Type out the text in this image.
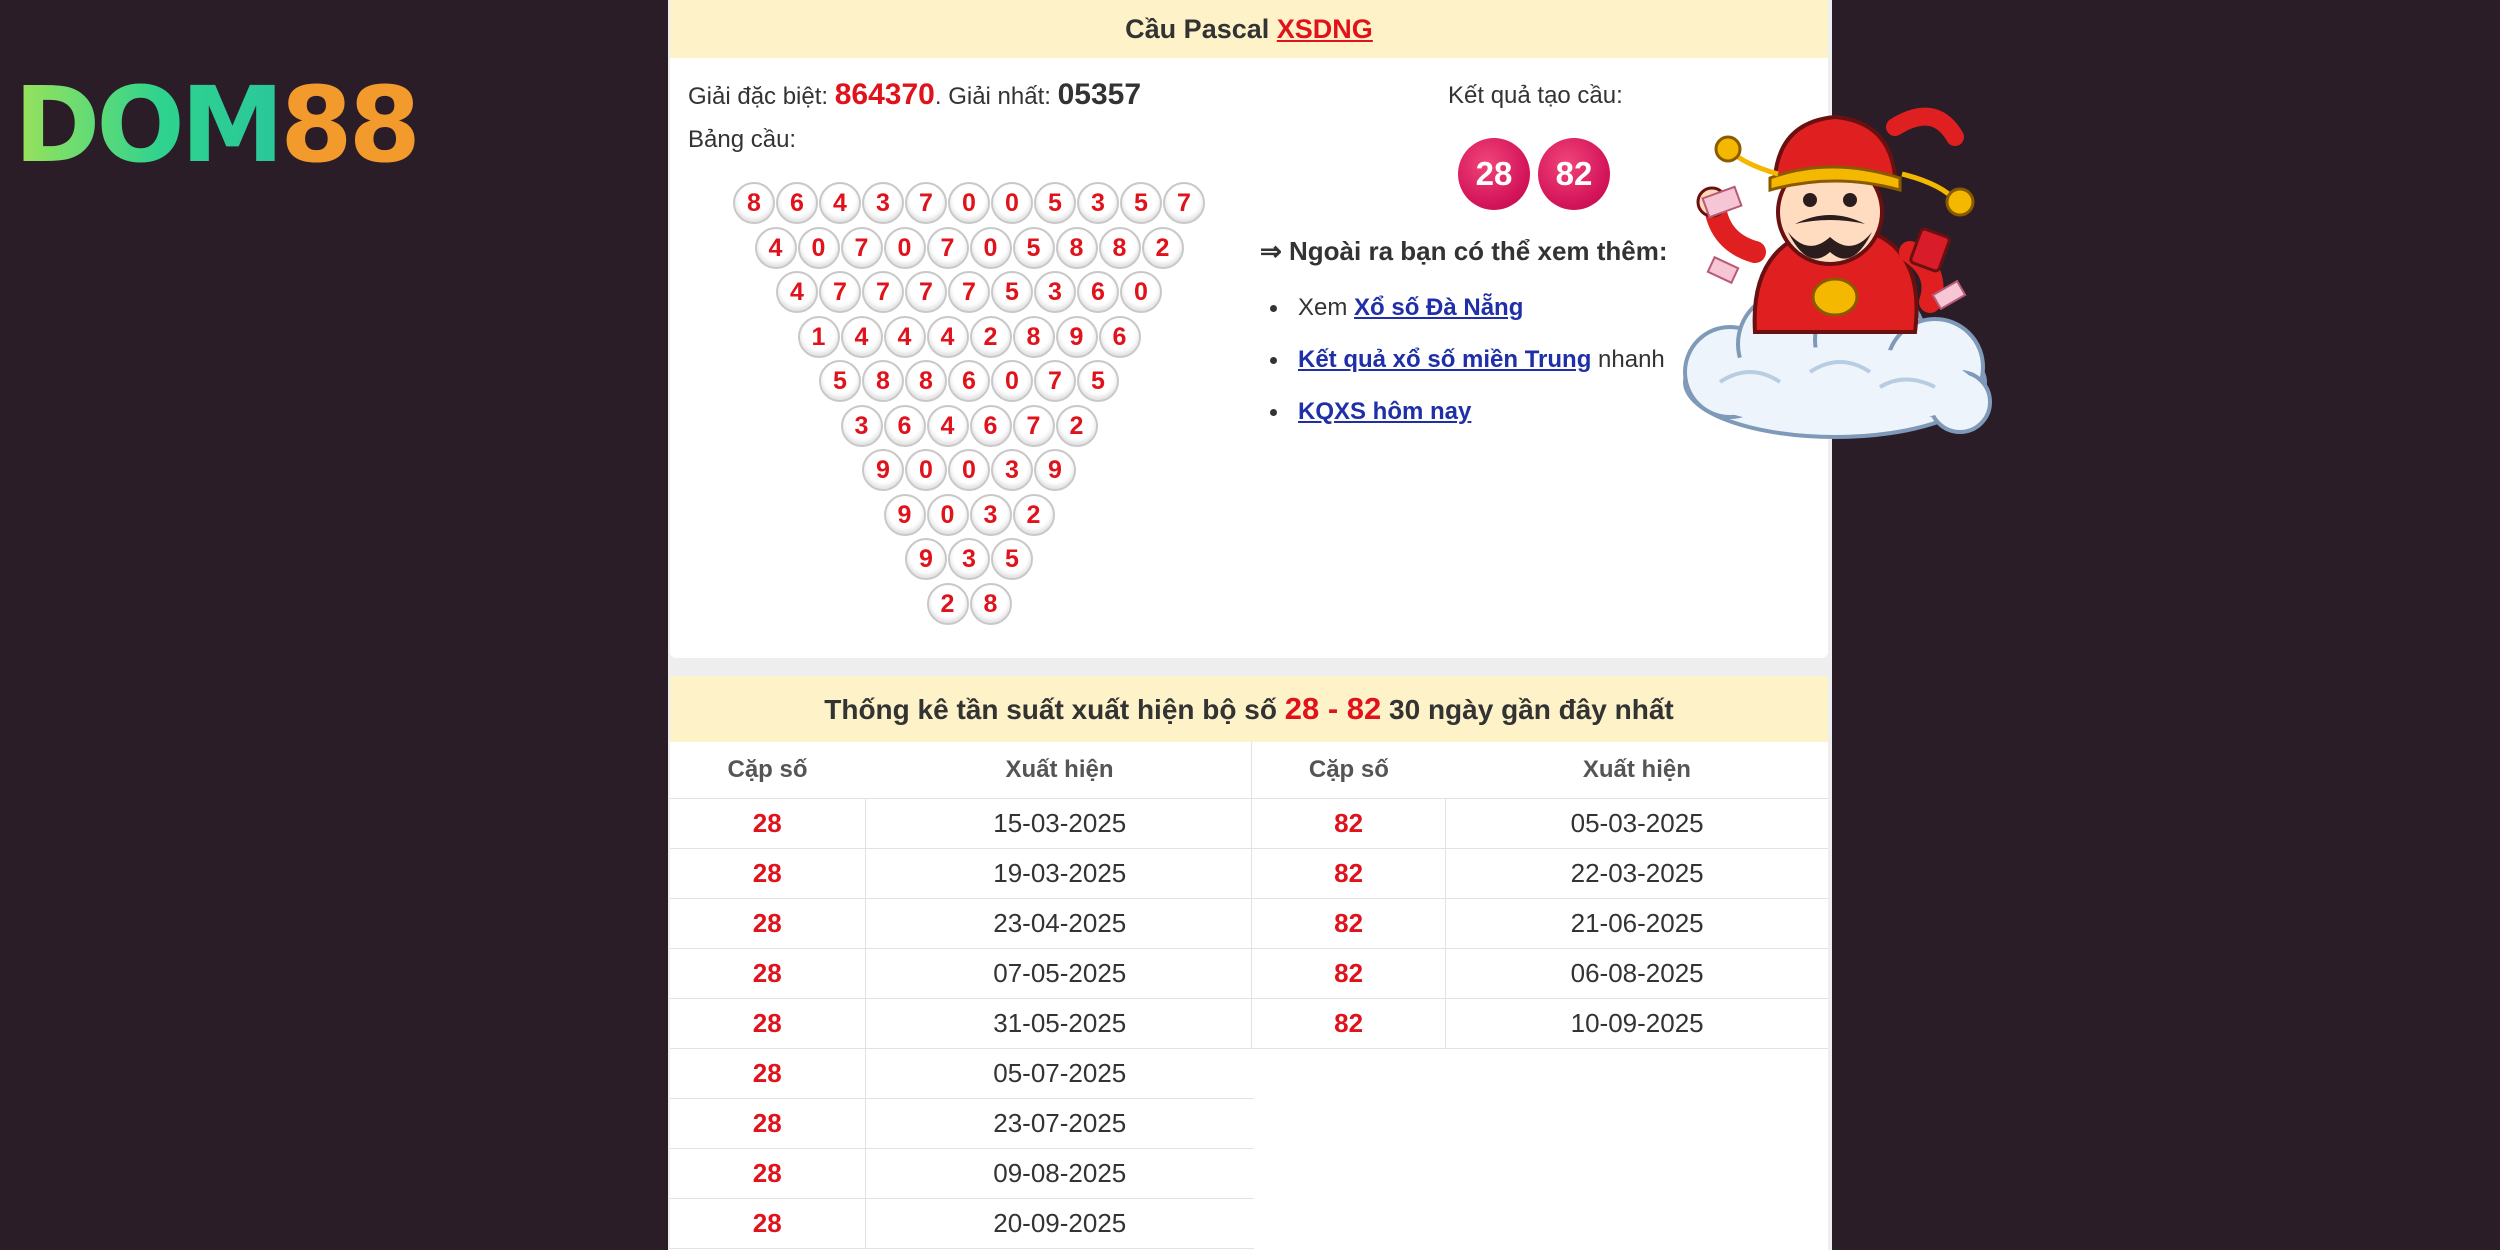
DOM88
Cầu Pascal XSDNG
Giải đặc biệt: 864370. Giải nhất: 05357
Bảng cầu:
8	6	4	3	7	0	0	5	3	5	7
4	0	7	0	7	0	5	8	8	2
4	7	7	7	7	5	3	6	0
1	4	4	4	2	8	9	6
5	8	8	6	0	7	5
3	6	4	6	7	2
9	0	0	3	9
9	0	3	2
9	3	5
2	8
Kết quả tạo cầu:
28	82
⇒ Ngoài ra bạn có thể xem thêm:
Xem Xổ số Đà Nẵng
Kết quả xổ số miền Trung nhanh
KQXS hôm nay
Thống kê tần suất xuất hiện bộ số 28 - 82 30 ngày gần đây nhất
Cặp số	Xuất hiện
28	15-03-2025
28	19-03-2025
28	23-04-2025
28	07-05-2025
28	31-05-2025
28	05-07-2025
28	23-07-2025
28	09-08-2025
28	20-09-2025
Cặp số	Xuất hiện
82	05-03-2025
82	22-03-2025
82	21-06-2025
82	06-08-2025
82	10-09-2025
